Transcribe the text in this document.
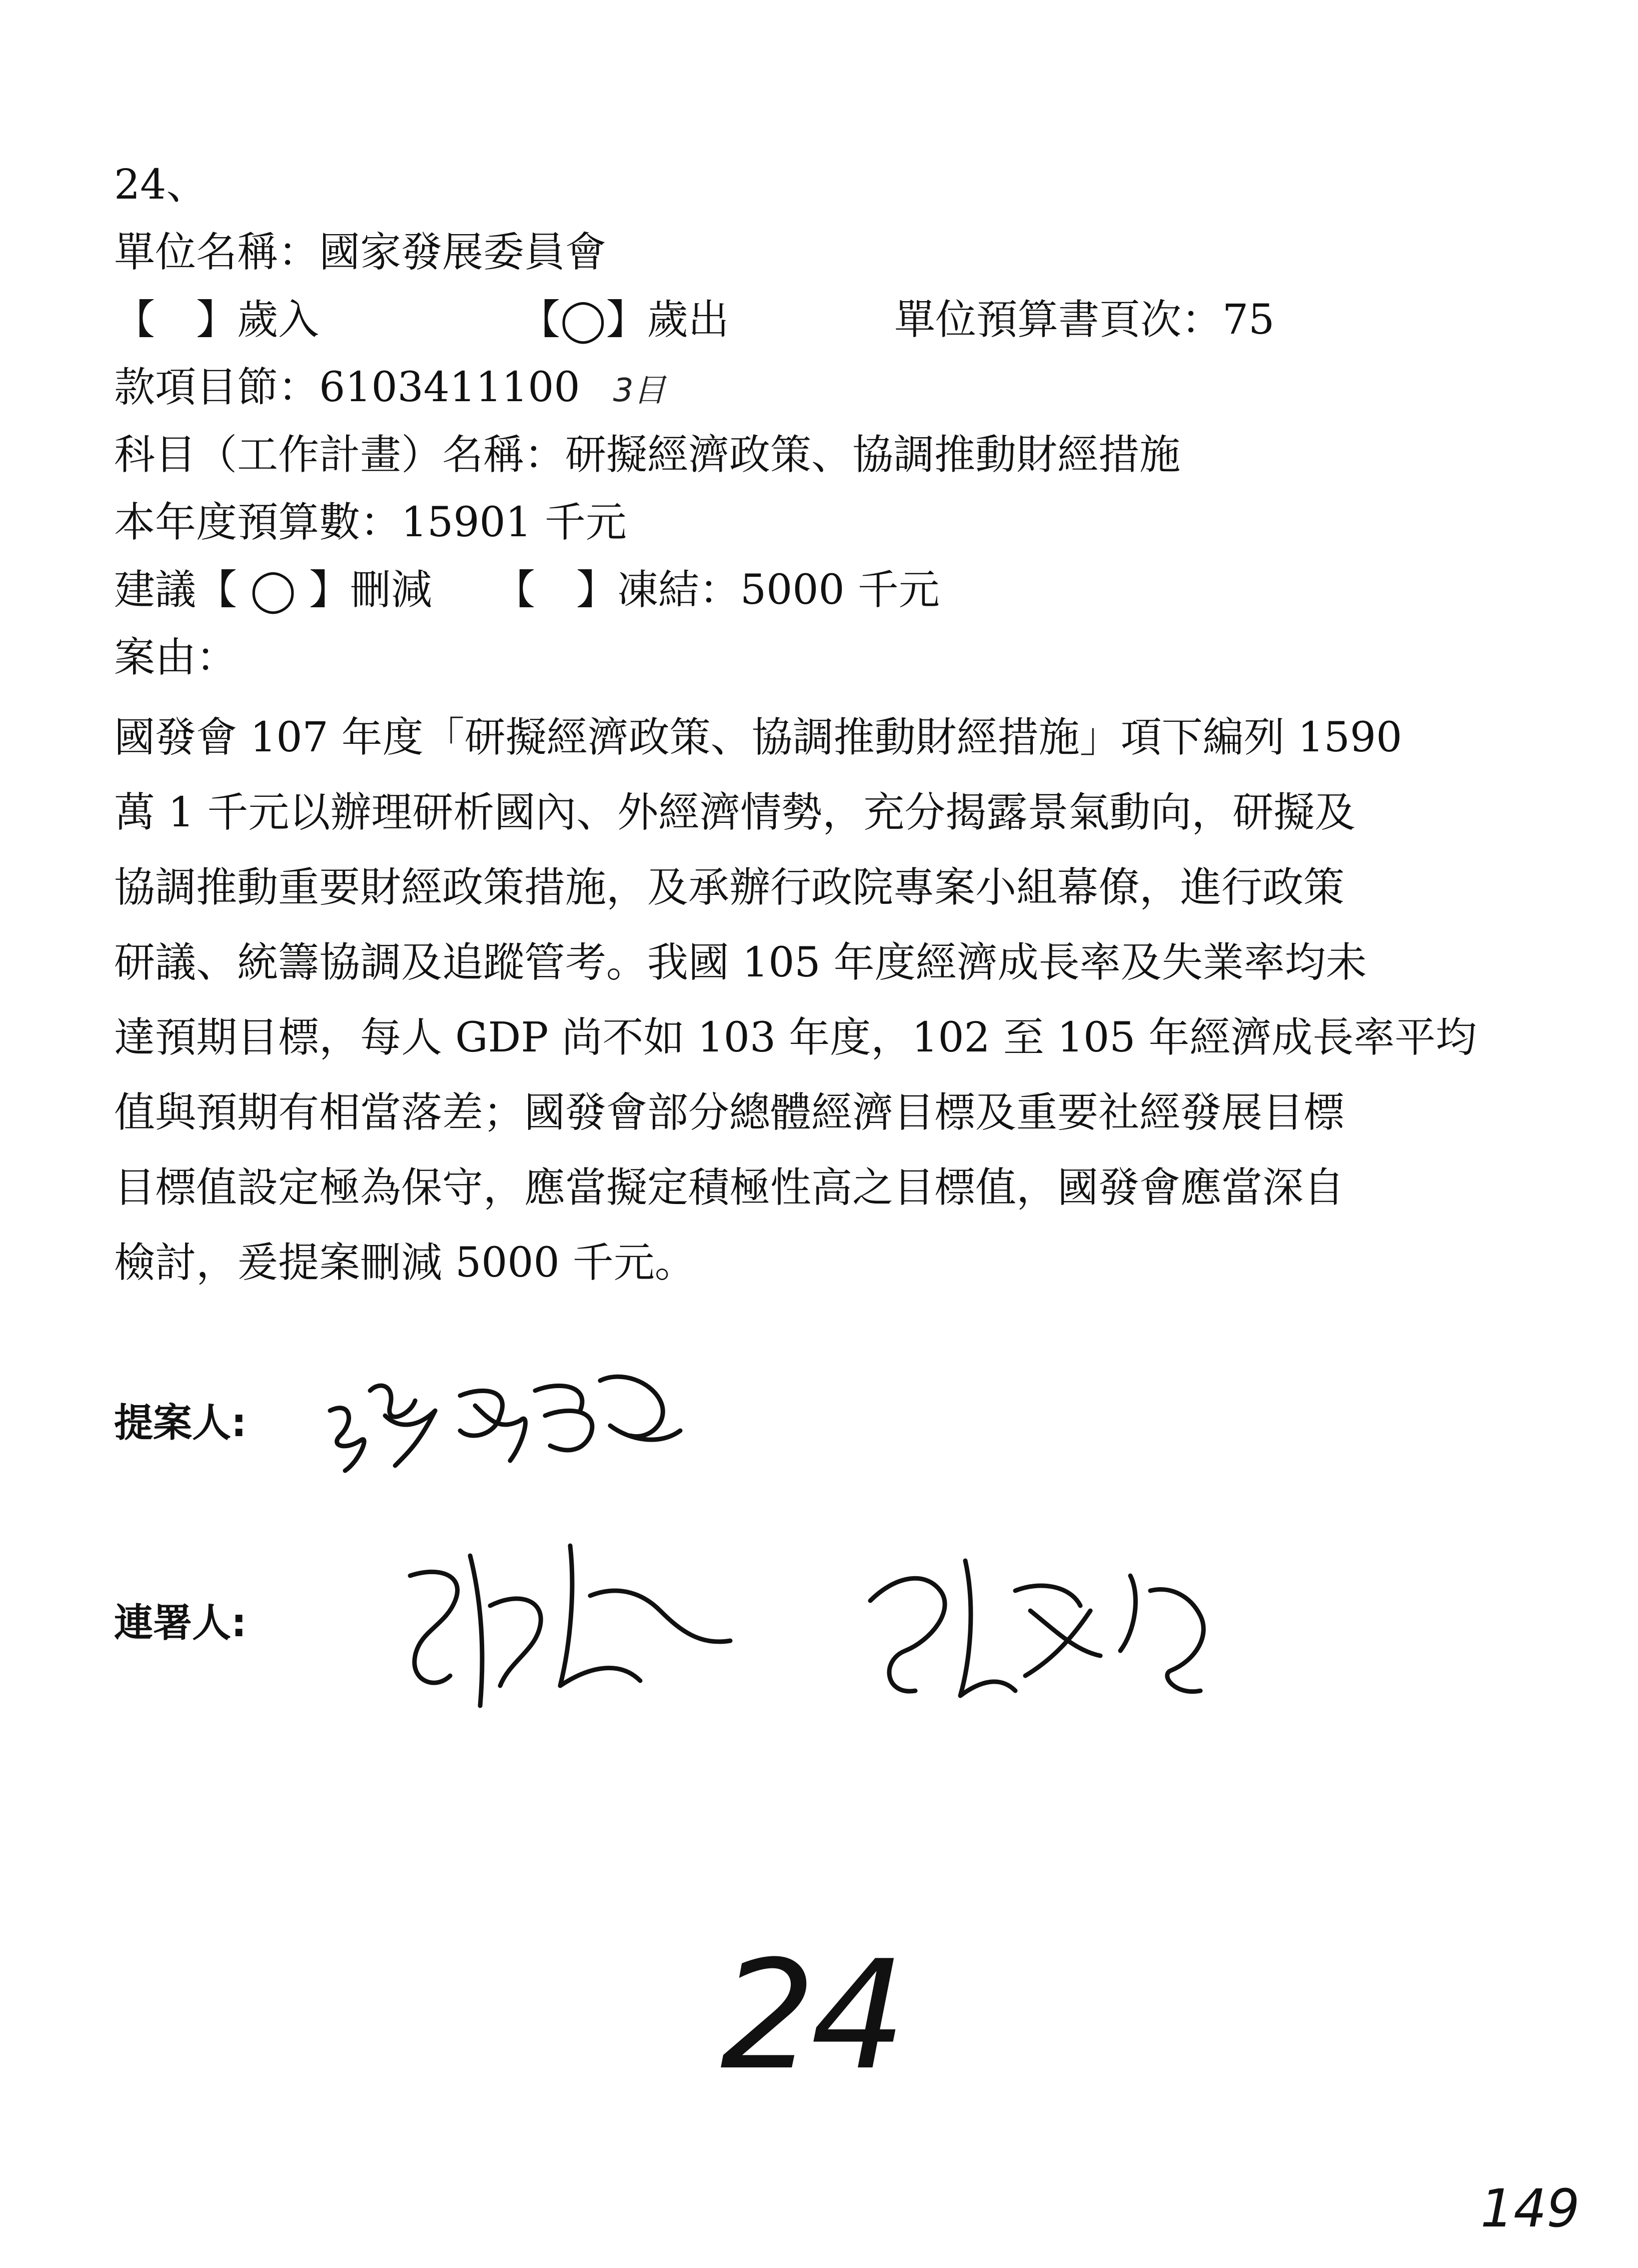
24、
單位名稱：國家發展委員會
【　】歲入	【◯】歲出	單位預算書頁次：75
款項目節：6103411100 3目
科目（工作計畫）名稱：研擬經濟政策、協調推動財經措施
本年度預算數：15901 千元
建議【 ◯ 】刪減 【　】凍結：5000 千元
案由：
國發會 107 年度「研擬經濟政策、協調推動財經措施」項下編列 1590
萬 1 千元以辦理研析國內、外經濟情勢，充分揭露景氣動向，研擬及
協調推動重要財經政策措施，及承辦行政院專案小組幕僚，進行政策
研議、統籌協調及追蹤管考。我國 105 年度經濟成長率及失業率均未
達預期目標，每人 GDP 尚不如 103 年度，102 至 105 年經濟成長率平均
值與預期有相當落差；國發會部分總體經濟目標及重要社經發展目標
目標值設定極為保守，應當擬定積極性高之目標值，國發會應當深自
檢討，爰提案刪減 5000 千元。
提案人:
連署人:
24
149
